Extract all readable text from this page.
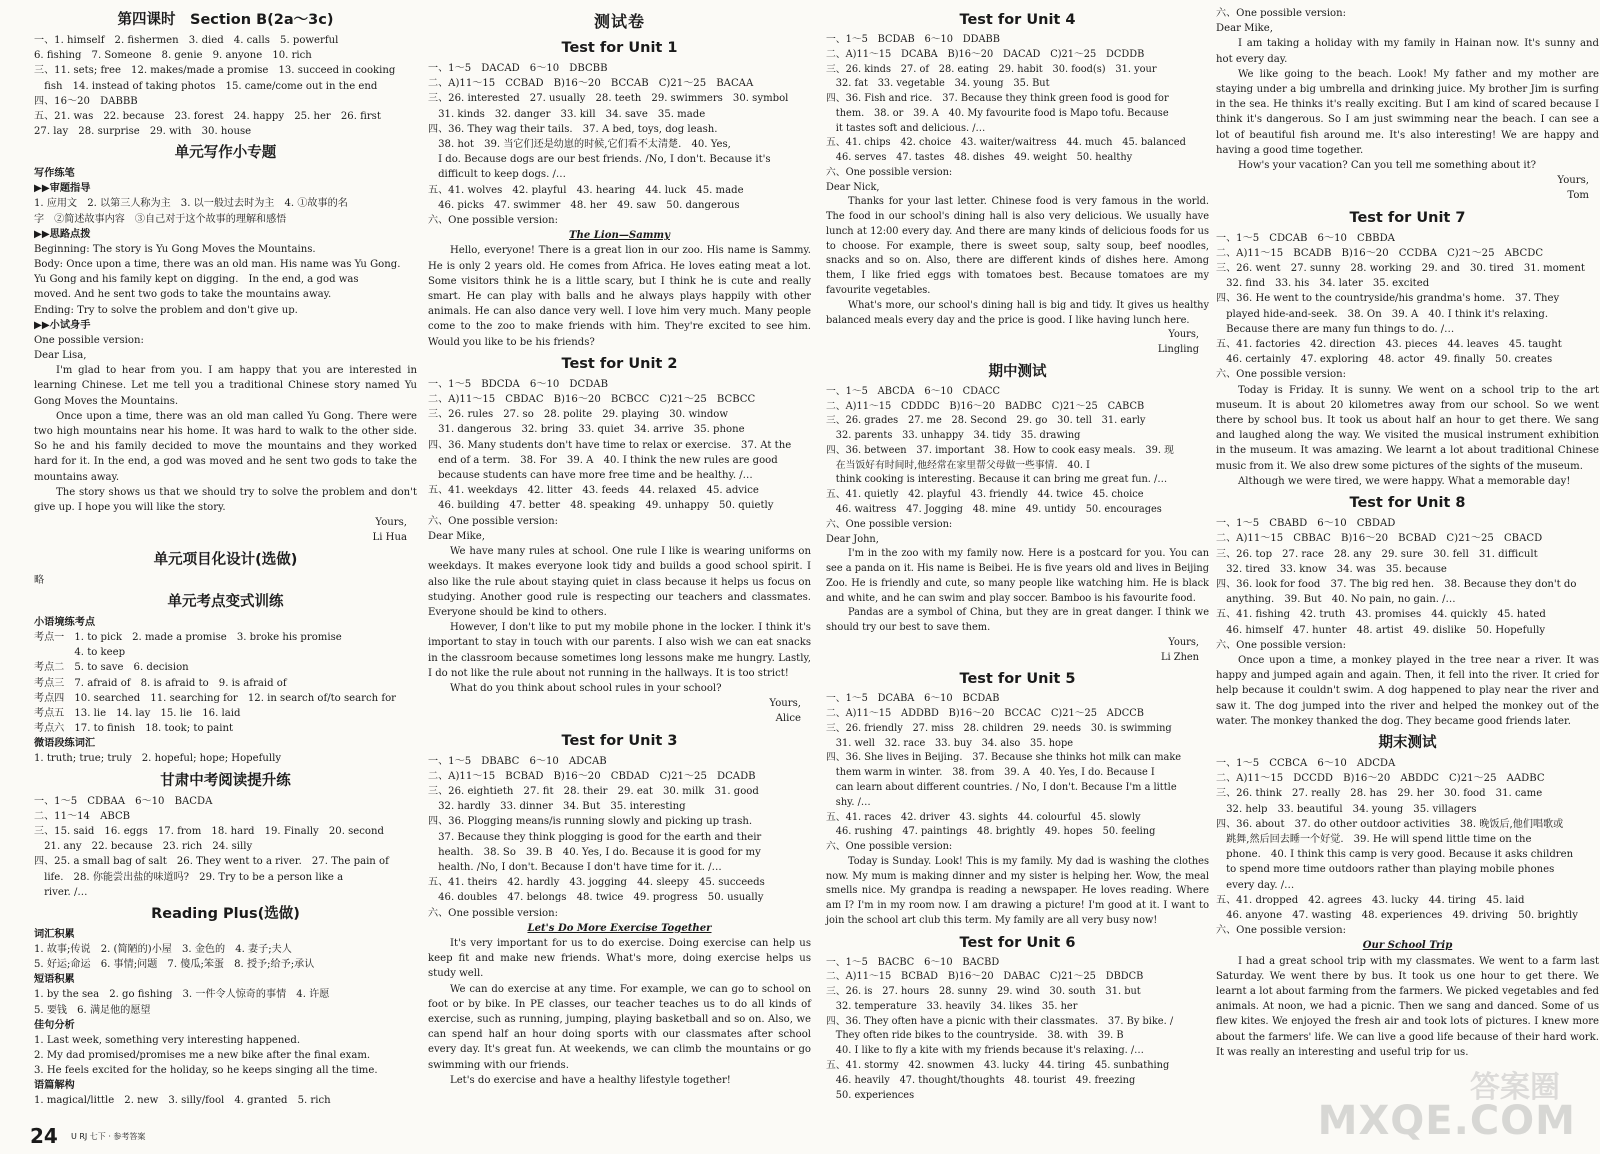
第四课时　Section B(2a～3c)
一、1. himself　2. fishermen　3. died　4. calls　5. powerful
6. fishing　7. Someone　8. genie　9. anyone　10. rich
三、11. sets; free　12. makes/made a promise　13. succeed in cooking
　fish　14. instead of taking photos　15. came/come out in the end
四、16～20　DABBB
五、21. was　22. because　23. forest　24. happy　25. her　26. first
27. lay　28. surprise　29. with　30. house
单元写作小专题
写作练笔
▶▶审题指导
1. 应用文　2. 以第三人称为主　3. 以一般过去时为主　4. ①故事的名
字　②简述故事内容　③自己对于这个故事的理解和感悟
▶▶思路点拨
Beginning: The story is Yu Gong Moves the Mountains.
Body: Once upon a time, there was an old man. His name was Yu Gong.
Yu Gong and his family kept on digging.　In the end, a god was
moved. And he sent two gods to take the mountains away.
Ending: Try to solve the problem and don't give up.
▶▶小试身手
One possible version:
Dear Lisa,
I'm glad to hear from you. I am happy that you are interested in learning Chinese. Let me tell you a traditional Chinese story named Yu Gong Moves the Mountains.
Once upon a time, there was an old man called Yu Gong. There were two high mountains near his home. It was hard to walk to the other side. So he and his family decided to move the mountains and they worked hard for it. In the end, a god was moved and he sent two gods to take the mountains away.
The story shows us that we should try to solve the problem and don't give up. I hope you will like the story.
Yours,
Li Hua
单元项目化设计(选做)
略
单元考点变式训练
小语境练考点
考点一　1. to pick　2. made a promise　3. broke his promise
　　　　4. to keep
考点二　5. to save　6. decision
考点三　7. afraid of　8. is afraid to　9. is afraid of
考点四　10. searched　11. searching for　12. in search of/to search for
考点五　13. lie　14. lay　15. lie　16. laid
考点六　17. to finish　18. took; to paint
微语段练词汇
1. truth; true; truly　2. hopeful; hope; Hopefully
甘肃中考阅读提升练
一、1～5　CDBAA　6～10　BACDA
二、11～14　ABCB
三、15. said　16. eggs　17. from　18. hard　19. Finally　20. second
　21. any　22. because　23. rich　24. silly
四、25. a small bag of salt　26. They went to a river.　27. The pain of
　life.　28. 你能尝出盐的味道吗?　29. Try to be a person like a
　river. /…
Reading Plus(选做)
词汇积累
1. 故事;传说　2. (简陋的)小屋　3. 金色的　4. 妻子;夫人
5. 好运;命运　6. 事情;问题　7. 傻瓜;笨蛋　8. 授予;给予;承认
短语积累
1. by the sea　2. go fishing　3. 一件令人惊奇的事情　4. 许愿
5. 要钱　6. 满足他的愿望
佳句分析
1. Last week, something very interesting happened.
2. My dad promised/promises me a new bike after the final exam.
3. He feels excited for the holiday, so he keeps singing all the time.
语篇解构
1. magical/little　2. new　3. silly/fool　4. granted　5. rich
测试卷
Test for Unit 1
一、1～5　DACAD　6～10　DBCBB
二、A)11～15　CCBAD　B)16～20　BCCAB　C)21～25　BACAA
三、26. interested　27. usually　28. teeth　29. swimmers　30. symbol
　31. kinds　32. danger　33. kill　34. save　35. made
四、36. They wag their tails.　37. A bed, toys, dog leash.
　38. hot　39. 当它们还是幼崽的时候,它们看不太清楚.　40. Yes,
　I do. Because dogs are our best friends. /No, I don't. Because it's
　difficult to keep dogs. /…
五、41. wolves　42. playful　43. hearing　44. luck　45. made
　46. picks　47. swimmer　48. her　49. saw　50. dangerous
六、One possible version:
The Lion—Sammy
Hello, everyone! There is a great lion in our zoo. His name is Sammy. He is only 2 years old. He comes from Africa. He loves eating meat a lot. Some visitors think he is a little scary, but I think he is cute and really smart. He can play with balls and he always plays happily with other animals. He can also dance very well. I love him very much. Many people come to the zoo to make friends with him. They're excited to see him. Would you like to be his friends?
Test for Unit 2
一、1～5　BDCDA　6～10　DCDAB
二、A)11～15　CBDAC　B)16～20　BCBCC　C)21～25　BCBCC
三、26. rules　27. so　28. polite　29. playing　30. window
　31. dangerous　32. bring　33. quiet　34. arrive　35. phone
四、36. Many students don't have time to relax or exercise.　37. At the
　end of a term.　38. For　39. A　40. I think the new rules are good
　because students can have more free time and be healthy. /…
五、41. weekdays　42. litter　43. feeds　44. relaxed　45. advice
　46. building　47. better　48. speaking　49. unhappy　50. quietly
六、One possible version:
Dear Mike,
We have many rules at school. One rule I like is wearing uniforms on weekdays. It makes everyone look tidy and builds a good school spirit. I also like the rule about staying quiet in class because it helps us focus on studying. Another good rule is respecting our teachers and classmates. Everyone should be kind to others.
However, I don't like to put my mobile phone in the locker. I think it's important to stay in touch with our parents. I also wish we can eat snacks in the classroom because sometimes long lessons make me hungry. Lastly, I do not like the rule about not running in the hallways. It is too strict!
What do you think about school rules in your school?
Yours,
Alice
Test for Unit 3
一、1～5　DBABC　6～10　ADCAB
二、A)11～15　BCBAD　B)16～20　CBDAD　C)21～25　DCADB
三、26. eightieth　27. fit　28. their　29. eat　30. milk　31. good
　32. hardly　33. dinner　34. But　35. interesting
四、36. Plogging means/is running slowly and picking up trash.
　37. Because they think plogging is good for the earth and their
　health.　38. So　39. B　40. Yes, I do. Because it is good for my
　health. /No, I don't. Because I don't have time for it. /…
五、41. theirs　42. hardly　43. jogging　44. sleepy　45. succeeds
　46. doubles　47. belongs　48. twice　49. progress　50. usually
六、One possible version:
Let's Do More Exercise Together
It's very important for us to do exercise. Doing exercise can help us keep fit and make new friends. What's more, doing exercise helps us study well.
We can do exercise at any time. For example, we can go to school on foot or by bike. In PE classes, our teacher teaches us to do all kinds of exercise, such as running, jumping, playing basketball and so on. Also, we can spend half an hour doing sports with our classmates after school every day. It's great fun. At weekends, we can climb the mountains or go swimming with our friends.
Let's do exercise and have a healthy lifestyle together!
Test for Unit 4
一、1～5　BCDAB　6～10　DDABB
二、A)11～15　DCABA　B)16～20　DACAD　C)21～25　DCDDB
三、26. kinds　27. of　28. eating　29. habit　30. food(s)　31. your
　32. fat　33. vegetable　34. young　35. But
四、36. Fish and rice.　37. Because they think green food is good for
　them.　38. or　39. A　40. My favourite food is Mapo tofu. Because
　it tastes soft and delicious. /…
五、41. chips　42. choice　43. waiter/waitress　44. much　45. balanced
　46. serves　47. tastes　48. dishes　49. weight　50. healthy
六、One possible version:
Dear Nick,
Thanks for your last letter. Chinese food is very famous in the world. The food in our school's dining hall is also very delicious. We usually have lunch at 12:00 every day. And there are many kinds of delicious foods for us to choose. For example, there is sweet soup, salty soup, beef noodles, snacks and so on. Also, there are different kinds of dishes here. Among them, I like fried eggs with tomatoes best. Because tomatoes are my favourite vegetables.
What's more, our school's dining hall is big and tidy. It gives us healthy balanced meals every day and the price is good. I like having lunch here.
Yours,
Lingling
期中测试
一、1～5　ABCDA　6～10　CDACC
二、A)11～15　CDDDC　B)16～20　BADBC　C)21～25　CABCB
三、26. grades　27. me　28. Second　29. go　30. tell　31. early
　32. parents　33. unhappy　34. tidy　35. drawing
四、36. between　37. important　38. How to cook easy meals.　39. 现
　在当饭好有时间时,他经常在家里帮父母做一些事情.　40. I
　think cooking is interesting. Because it can bring me great fun. /…
五、41. quietly　42. playful　43. friendly　44. twice　45. choice
　46. waitress　47. Jogging　48. mine　49. untidy　50. encourages
六、One possible version:
Dear John,
I'm in the zoo with my family now. Here is a postcard for you. You can see a panda on it. His name is Beibei. He is five years old and lives in Beijing Zoo. He is friendly and cute, so many people like watching him. He is black and white, and he can swim and play soccer. Bamboo is his favourite food.
Pandas are a symbol of China, but they are in great danger. I think we should try our best to save them.
Yours,
Li Zhen
Test for Unit 5
一、1～5　DCABA　6～10　BCDAB
二、A)11～15　ADDBD　B)16～20　BCCAC　C)21～25　ADCCB
三、26. friendly　27. miss　28. children　29. needs　30. is swimming
　31. well　32. race　33. buy　34. also　35. hope
四、36. She lives in Beijing.　37. Because she thinks hot milk can make
　them warm in winter.　38. from　39. A　40. Yes, I do. Because I
　can learn about different countries. / No, I don't. Because I'm a little
　shy. /…
五、41. races　42. driver　43. sights　44. colourful　45. slowly
　46. rushing　47. paintings　48. brightly　49. hopes　50. feeling
六、One possible version:
Today is Sunday. Look! This is my family. My dad is washing the clothes now. My mum is making dinner and my sister is helping her. Wow, the meal smells nice. My grandpa is reading a newspaper. He loves reading. Where am I? I'm in my room now. I am drawing a picture! I'm good at it. I want to join the school art club this term. My family are all very busy now!
Test for Unit 6
一、1～5　BACBC　6～10　BACBD
二、A)11～15　BCBAD　B)16～20　DABAC　C)21～25　DBDCB
三、26. is　27. hours　28. sunny　29. wind　30. south　31. but
　32. temperature　33. heavily　34. likes　35. her
四、36. They often have a picnic with their classmates.　37. By bike. /
　They often ride bikes to the countryside.　38. with　39. B
　40. I like to fly a kite with my friends because it's relaxing. /…
五、41. stormy　42. snowmen　43. lucky　44. tiring　45. sunbathing
　46. heavily　47. thought/thoughts　48. tourist　49. freezing
　50. experiences
六、One possible version:
Dear Mike,
I am taking a holiday with my family in Hainan now. It's sunny and hot every day.
We like going to the beach. Look! My father and my mother are staying under a big umbrella and drinking juice. My brother Jim is surfing in the sea. He thinks it's really exciting. But I am kind of scared because I think it's dangerous. So I am just swimming near the beach. I can see a lot of beautiful fish around me. It's also interesting! We are happy and having a good time together.
How's your vacation? Can you tell me something about it?
Yours,
Tom
Test for Unit 7
一、1～5　CDCAB　6～10　CBBDA
二、A)11～15　BCADB　B)16～20　CCDBA　C)21～25　ABCDC
三、26. went　27. sunny　28. working　29. and　30. tired　31. moment
　32. find　33. his　34. later　35. excited
四、36. He went to the countryside/his grandma's home.　37. They
　played hide-and-seek.　38. On　39. A　40. I think it's relaxing.
　Because there are many fun things to do. /…
五、41. factories　42. direction　43. pieces　44. leaves　45. taught
　46. certainly　47. exploring　48. actor　49. finally　50. creates
六、One possible version:
Today is Friday. It is sunny. We went on a school trip to the art museum. It is about 20 kilometres away from our school. So we went there by school bus. It took us about half an hour to get there. We sang and laughed along the way. We visited the musical instrument exhibition in the museum. It was amazing. We learnt a lot about traditional Chinese music from it. We also drew some pictures of the sights of the museum.
Although we were tired, we were happy. What a memorable day!
Test for Unit 8
一、1～5　CBABD　6～10　CBDAD
二、A)11～15　CBBAC　B)16～20　BCBAD　C)21～25　CBACD
三、26. top　27. race　28. any　29. sure　30. fell　31. difficult
　32. tired　33. know　34. was　35. because
四、36. look for food　37. The big red hen.　38. Because they don't do
　anything.　39. But　40. No pain, no gain. /…
五、41. fishing　42. truth　43. promises　44. quickly　45. hated
　46. himself　47. hunter　48. artist　49. dislike　50. Hopefully
六、One possible version:
Once upon a time, a monkey played in the tree near a river. It was happy and jumped again and again. Then, it fell into the river. It cried for help because it couldn't swim. A dog happened to play near the river and saw it. The dog jumped into the river and helped the monkey out of the water. The monkey thanked the dog. They became good friends later.
期末测试
一、1～5　CCBCA　6～10　ADCDA
二、A)11～15　DCCDD　B)16～20　ABDDC　C)21～25　AADBC
三、26. think　27. really　28. has　29. her　30. food　31. came
　32. help　33. beautiful　34. young　35. villagers
四、36. about　37. do other outdoor activities　38. 晚饭后,他们唱歌或
　跳舞,然后回去睡一个好觉.　39. He will spend little time on the
　phone.　40. I think this camp is very good. Because it asks children
　to spend more time outdoors rather than playing mobile phones
　every day. /…
五、41. dropped　42. agrees　43. lucky　44. tiring　45. laid
　46. anyone　47. wasting　48. experiences　49. driving　50. brightly
六、One possible version:
Our School Trip
I had a great school trip with my classmates. We went to a farm last Saturday. We went there by bus. It took us one hour to get there. We learnt a lot about farming from the farmers. We picked vegetables and fed animals. At noon, we had a picnic. Then we sang and danced. Some of us flew kites. We enjoyed the fresh air and took lots of pictures. I knew more about the farmers' life. We can live a good life because of their hard work. It was really an interesting and useful trip for us.
24 $^{U RJ 七下 \cdot 参考答案}$
答案圈
MXQE.COM
